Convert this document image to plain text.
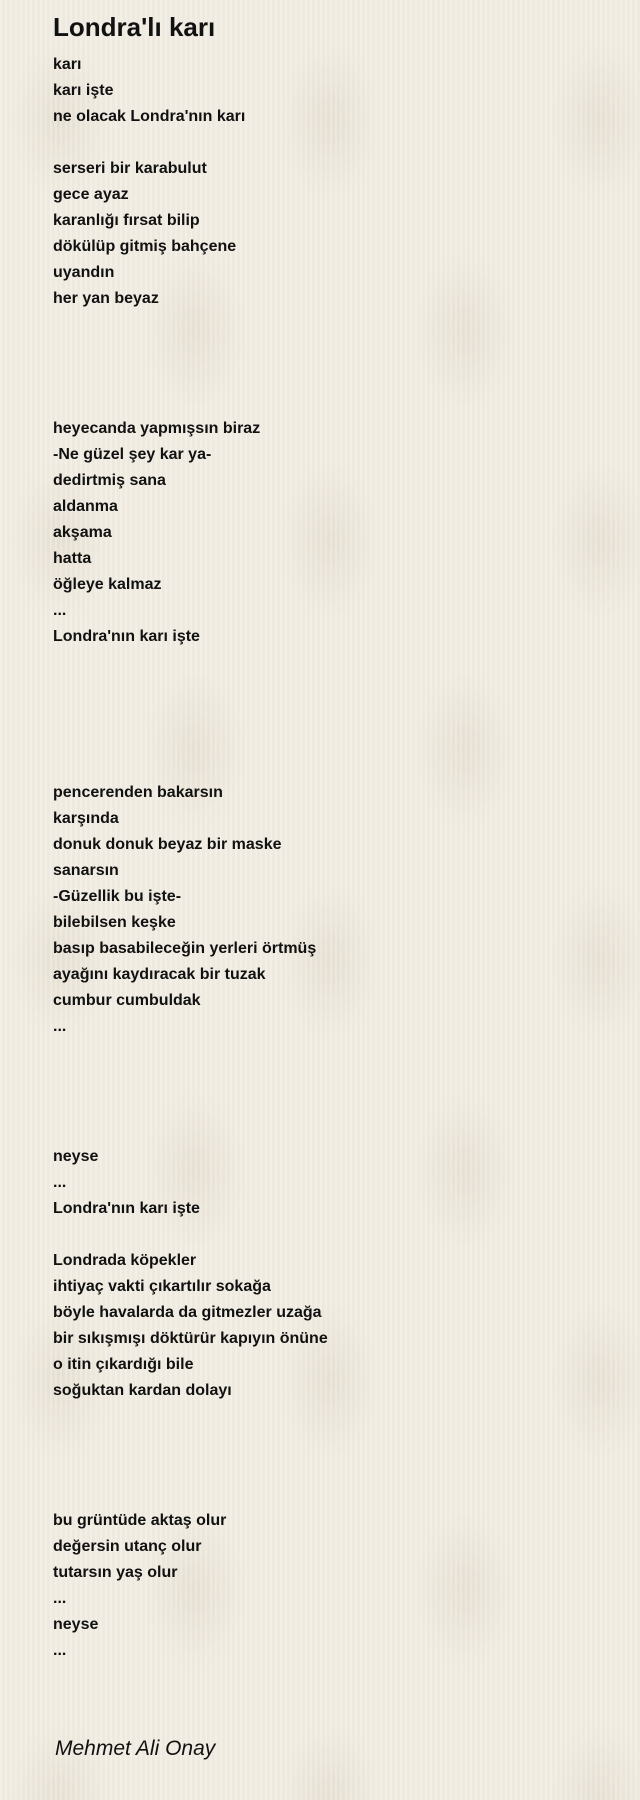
Londra'lı karı
karı
karı işte
ne olacak Londra'nın karı
serseri bir karabulut
gece ayaz
karanlığı fırsat bilip
dökülüp gitmiş bahçene
uyandın
her yan beyaz
heyecanda yapmışsın biraz
-Ne güzel şey kar ya-
dedirtmiş sana
aldanma
akşama
hatta
öğleye kalmaz
...
Londra'nın karı işte
pencerenden bakarsın
karşında
donuk donuk beyaz bir maske
sanarsın
-Güzellik bu işte-
bilebilsen keşke
basıp basabileceğin yerleri örtmüş
ayağını kaydıracak bir tuzak
cumbur cumbuldak
...
neyse
...
Londra'nın karı işte
Londrada köpekler
ihtiyaç vakti çıkartılır sokağa
böyle havalarda da gitmezler uzağa
bir sıkışmışı döktürür kapıyın önüne
o itin çıkardığı bile
soğuktan kardan dolayı
bu grüntüde aktaş olur
değersin utanç olur
tutarsın yaş olur
...
neyse
...
Mehmet Ali Onay
